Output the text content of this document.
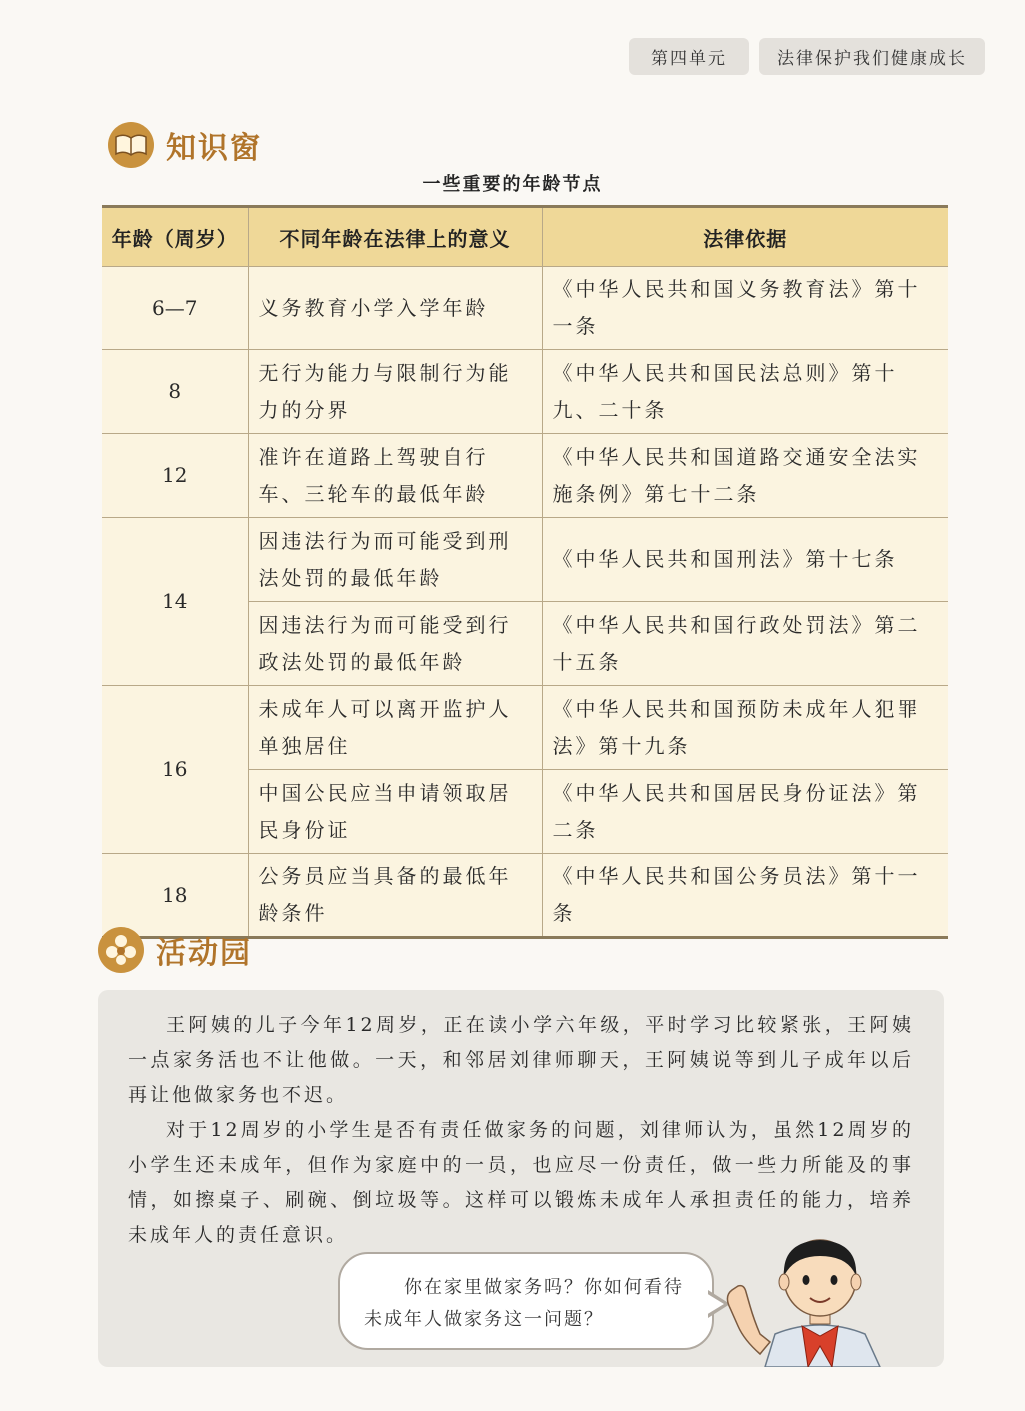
第四单元	法律保护我们健康成长
知识窗
一些重要的年龄节点
年龄（周岁）	不同年龄在法律上的意义	法律依据
6—7	义务教育小学入学年龄	《中华人民共和国义务教育法》第十一条
8	无行为能力与限制行为能力的分界	《中华人民共和国民法总则》第十九、二十条
12	准许在道路上驾驶自行车、三轮车的最低年龄	《中华人民共和国道路交通安全法实施条例》第七十二条
14	因违法行为而可能受到刑法处罚的最低年龄	《中华人民共和国刑法》第十七条
	因违法行为而可能受到行政法处罚的最低年龄	《中华人民共和国行政处罚法》第二十五条
16	未成年人可以离开监护人单独居住	《中华人民共和国预防未成年人犯罪法》第十九条
	中国公民应当申请领取居民身份证	《中华人民共和国居民身份证法》第二条
18	公务员应当具备的最低年龄条件	《中华人民共和国公务员法》第十一条
活动园

王阿姨的儿子今年12周岁，正在读小学六年级，平时学习比较紧张，王阿姨一点家务活也不让他做。一天，和邻居刘律师聊天，王阿姨说等到儿子成年以后再让他做家务也不迟。

对于12周岁的小学生是否有责任做家务的问题，刘律师认为，虽然12周岁的小学生还未成年，但作为家庭中的一员，也应尽一份责任，做一些力所能及的事情，如擦桌子、刷碗、倒垃圾等。这样可以锻炼未成年人承担责任的能力，培养未成年人的责任意识。

你在家里做家务吗？你如何看待
未成年人做家务这一问题？
